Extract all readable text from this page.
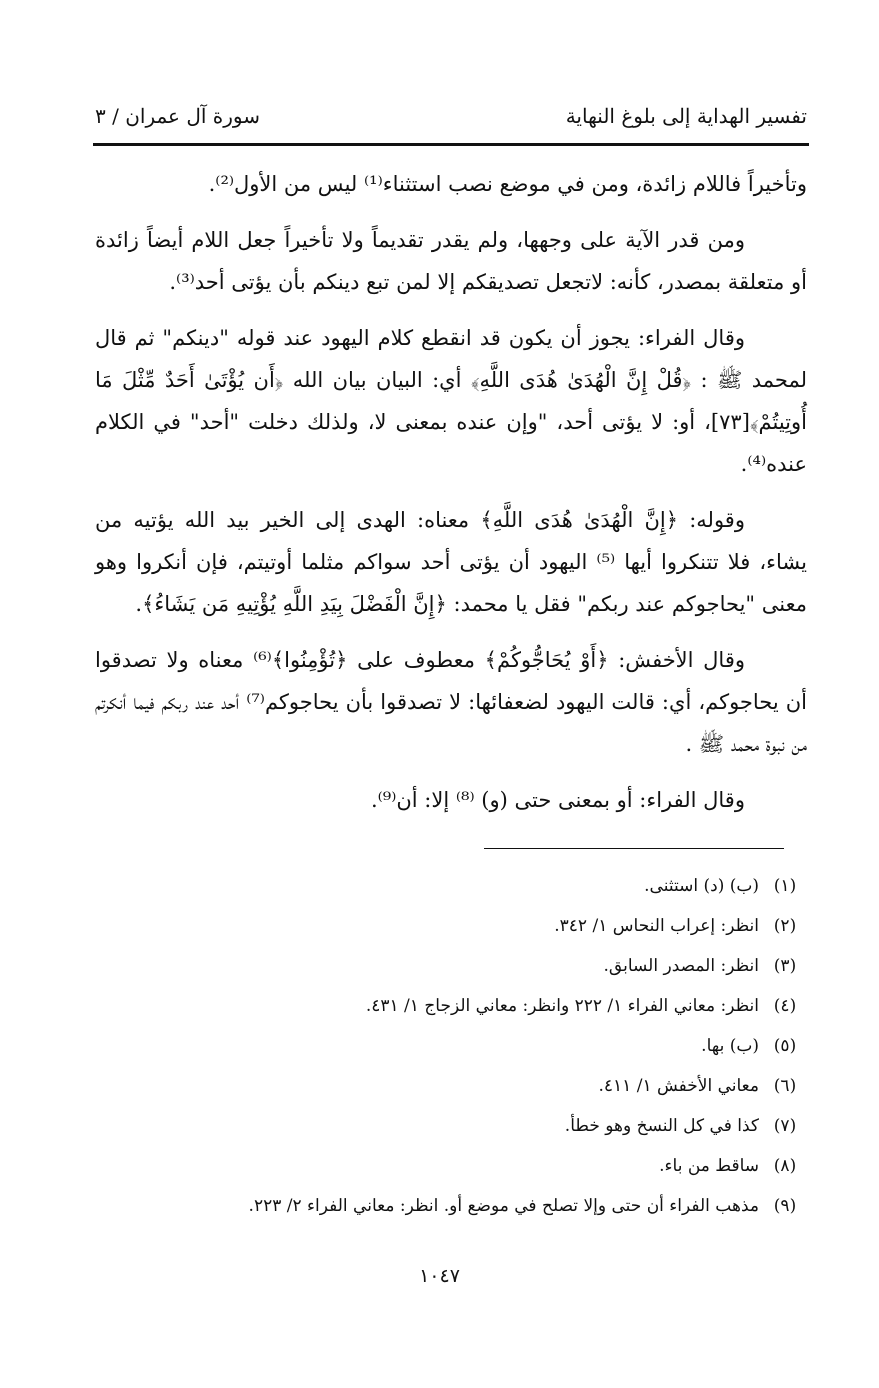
تفسير الهداية إلى بلوغ النهاية
سورة آل عمران / ٣

وتأخيراً فاللام زائدة، ومن في موضع نصب استثناء⁽¹⁾ ليس من الأول⁽²⁾.

ومن قدر الآية على وجهها، ولم يقدر تقديماً ولا تأخيراً جعل اللام أيضاً زائدة أو متعلقة بمصدر، كأنه: لاتجعل تصديقكم إلا لمن تبع دينكم بأن يؤتى أحد⁽³⁾.

وقال الفراء: يجوز أن يكون قد انقطع كلام اليهود عند قوله "دينكم" ثم قال لمحمد ﷺ : ﴿قُلْ إِنَّ الْهُدَىٰ هُدَى اللَّهِ﴾ أي: البيان بيان الله ﴿أَن يُؤْتَىٰ أَحَدٌ مِّثْلَ مَا أُوتِيتُمْ﴾[٧٣]، أو: لا يؤتى أحد، "وإن عنده بمعنى لا، ولذلك دخلت "أحد" في الكلام عنده⁽⁴⁾.

وقوله: ﴿إِنَّ الْهُدَىٰ هُدَى اللَّهِ﴾ معناه: الهدى إلى الخير بيد الله يؤتيه من يشاء، فلا تتنكروا أيها ⁽⁵⁾ اليهود أن يؤتى أحد سواكم مثلما أوتيتم، فإن أنكروا وهو معنى "يحاجوكم عند ربكم" فقل يا محمد: ﴿إِنَّ الْفَضْلَ بِيَدِ اللَّهِ يُؤْتِيهِ مَن يَشَاءُ﴾.

وقال الأخفش: ﴿أَوْ يُحَاجُّوكُمْ﴾ معطوف على ﴿تُؤْمِنُوا﴾⁽⁶⁾ معناه ولا تصدقوا أن يحاجوكم، أي: قالت اليهود لضعفائها: لا تصدقوا بأن يحاجوكم⁽⁷⁾ أحد عند ربكم فيما أنكرتم من نبوة محمد ﷺ .

وقال الفراء: أو بمعنى حتى (و) ⁽⁸⁾ إلا: أن⁽⁹⁾.

(١)(ب) (د) استثنى.
(٢)انظر: إعراب النحاس ١/ ٣٤٢.
(٣)انظر: المصدر السابق.
(٤)انظر: معاني الفراء ١/ ٢٢٢ وانظر: معاني الزجاج ١/ ٤٣١.
(٥)(ب) بها.
(٦)معاني الأخفش ١/ ٤١١.
(٧)كذا في كل النسخ وهو خطأ.
(٨)ساقط من باء.
(٩)مذهب الفراء أن حتى وإلا تصلح في موضع أو. انظر: معاني الفراء ٢/ ٢٢٣.
١٠٤٧
